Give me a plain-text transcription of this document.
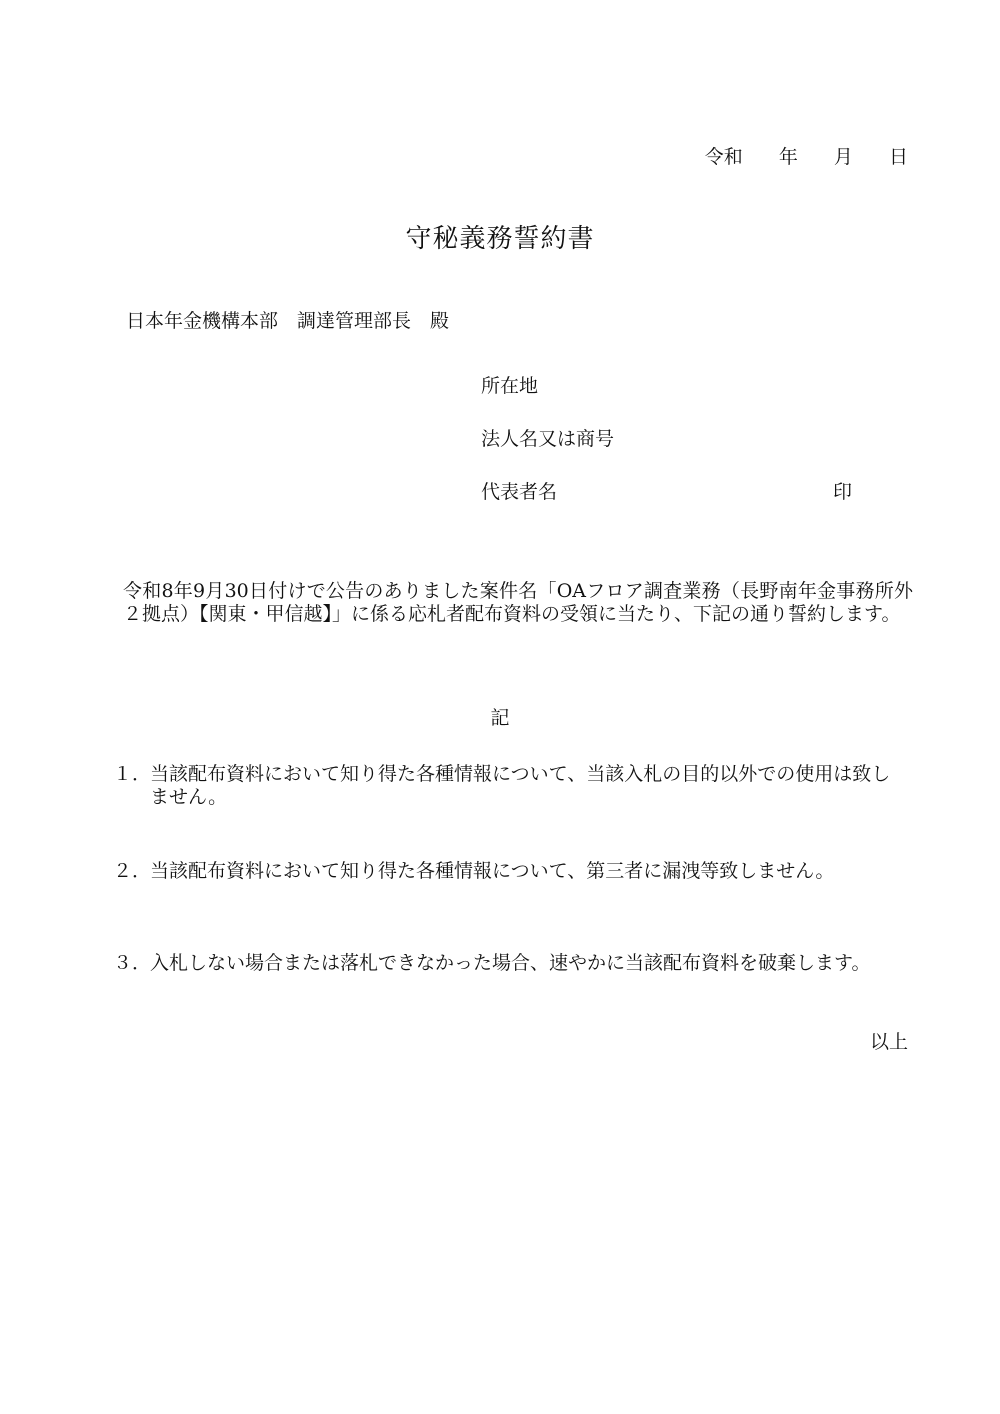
令和 年 月 日
守秘義務誓約書
日本年金機構本部　調達管理部長　殿
所在地
法人名又は商号
代表者名	印
令和8年9月30日付けで公告のありました案件名「OAフロア調査業務（長野南年金事務所外２拠点）【関東・甲信越】」に係る応札者配布資料の受領に当たり、下記の通り誓約します。
記
１．
当該配布資料において知り得た各種情報について、当該入札の目的以外での使用は致しません。
２．
当該配布資料において知り得た各種情報について、第三者に漏洩等致しません。
３．
入札しない場合または落札できなかった場合、速やかに当該配布資料を破棄します。
以上
